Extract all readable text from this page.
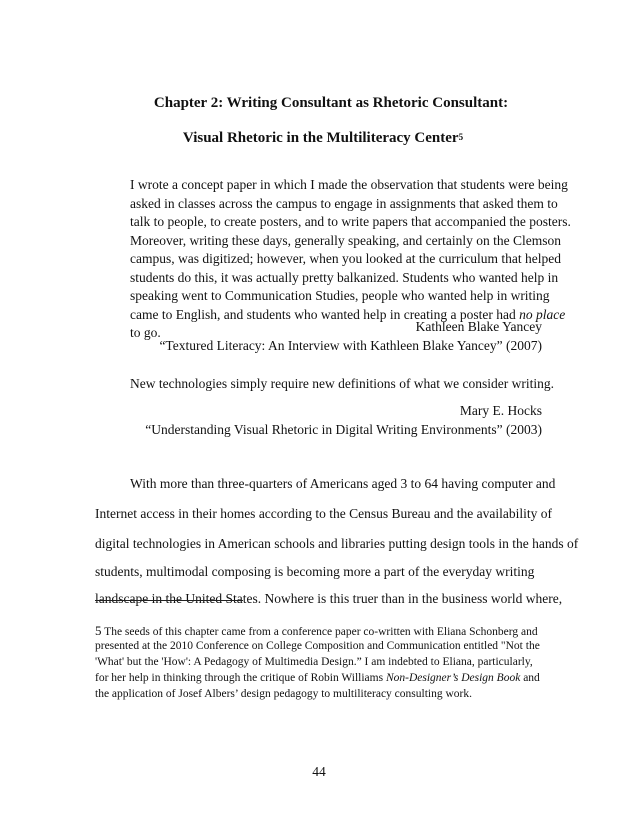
Chapter 2: Writing Consultant as Rhetoric Consultant:
Visual Rhetoric in the Multiliteracy Center$^5$
I wrote a concept paper in which I made the observation that students were being
asked in classes across the campus to engage in assignments that asked them to
talk to people, to create posters, and to write papers that accompanied the posters.
Moreover, writing these days, generally speaking, and certainly on the Clemson
campus, was digitized; however, when you looked at the curriculum that helped
students do this, it was actually pretty balkanized. Students who wanted help in
speaking went to Communication Studies, people who wanted help in writing
came to English, and students who wanted help in creating a poster had no place
to go.	Kathleen Blake Yancey
“Textured Literacy: An Interview with Kathleen Blake Yancey” (2007)
New technologies simply require new definitions of what we consider writing.
Mary E. Hocks
“Understanding Visual Rhetoric in Digital Writing Environments” (2003)
With more than three-quarters of Americans aged 3 to 64 having computer and
Internet access in their homes according to the Census Bureau and the availability of
digital technologies in American schools and libraries putting design tools in the hands of
students, multimodal composing is becoming more a part of the everyday writing
landscape in the United States. Nowhere is this truer than in the business world where,
5 The seeds of this chapter came from a conference paper co-written with Eliana Schonberg and
presented at the 2010 Conference on College Composition and Communication entitled "Not the
'What' but the 'How': A Pedagogy of Multimedia Design.” I am indebted to Eliana, particularly,
for her help in thinking through the critique of Robin Williams Non-Designer’s Design Book and
the application of Josef Albers’ design pedagogy to multiliteracy consulting work.
44
